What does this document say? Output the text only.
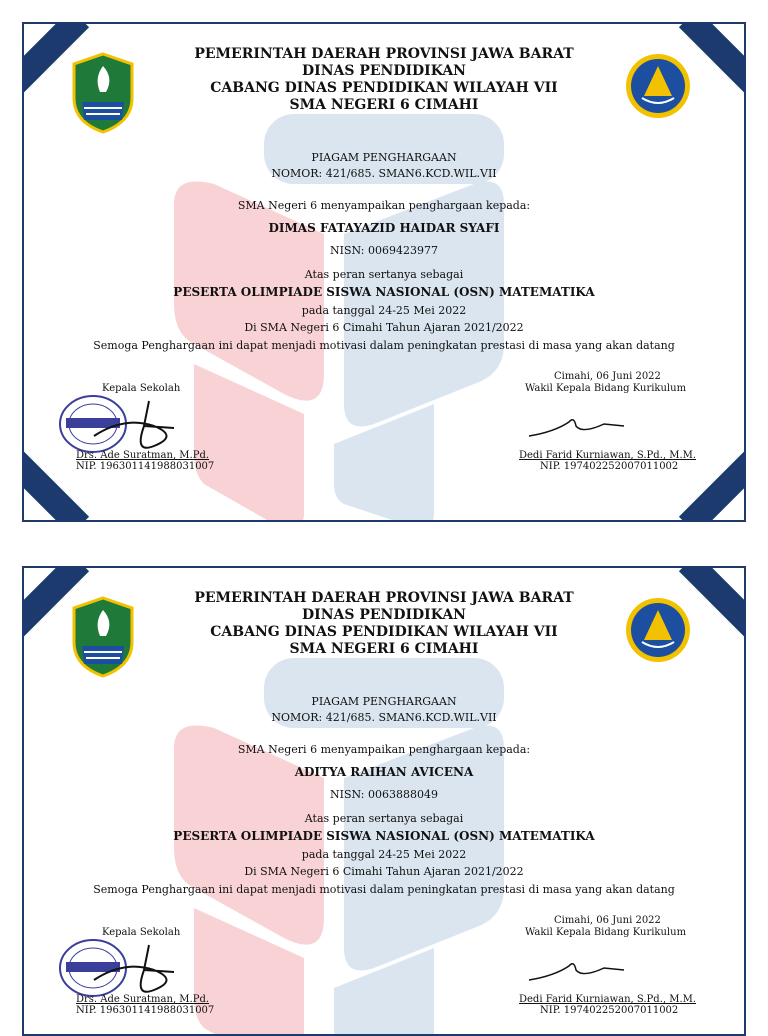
PEMERINTAH DAERAH PROVINSI JAWA BARAT
DINAS PENDIDIKAN
CABANG DINAS PENDIDIKAN WILAYAH VII
SMA NEGERI 6 CIMAHI
PIAGAM PENGHARGAAN
NOMOR: 421/685. SMAN6.KCD.WIL.VII
SMA Negeri 6 menyampaikan penghargaan kepada:
DIMAS FATAYAZID HAIDAR SYAFI
NISN: 0069423977
Atas peran sertanya sebagai
PESERTA OLIMPIADE SISWA NASIONAL (OSN) MATEMATIKA
pada tanggal 24-25 Mei 2022
Di SMA Negeri 6 Cimahi Tahun Ajaran 2021/2022
Semoga Penghargaan ini dapat menjadi motivasi dalam peningkatan prestasi di masa yang akan datang
Kepala Sekolah
Drs. Ade Suratman, M.Pd.
NIP. 196301141988031007
Cimahi, 06 Juni 2022
Wakil Kepala Bidang Kurikulum
Dedi Farid Kurniawan, S.Pd., M.M.
NIP. 197402252007011002
PEMERINTAH DAERAH PROVINSI JAWA BARAT
DINAS PENDIDIKAN
CABANG DINAS PENDIDIKAN WILAYAH VII
SMA NEGERI 6 CIMAHI
PIAGAM PENGHARGAAN
NOMOR: 421/685. SMAN6.KCD.WIL.VII
SMA Negeri 6 menyampaikan penghargaan kepada:
ADITYA RAIHAN AVICENA
NISN: 0063888049
Atas peran sertanya sebagai
PESERTA OLIMPIADE SISWA NASIONAL (OSN) MATEMATIKA
pada tanggal 24-25 Mei 2022
Di SMA Negeri 6 Cimahi Tahun Ajaran 2021/2022
Semoga Penghargaan ini dapat menjadi motivasi dalam peningkatan prestasi di masa yang akan datang
Kepala Sekolah
Drs. Ade Suratman, M.Pd.
NIP. 196301141988031007
Cimahi, 06 Juni 2022
Wakil Kepala Bidang Kurikulum
Dedi Farid Kurniawan, S.Pd., M.M.
NIP. 197402252007011002
